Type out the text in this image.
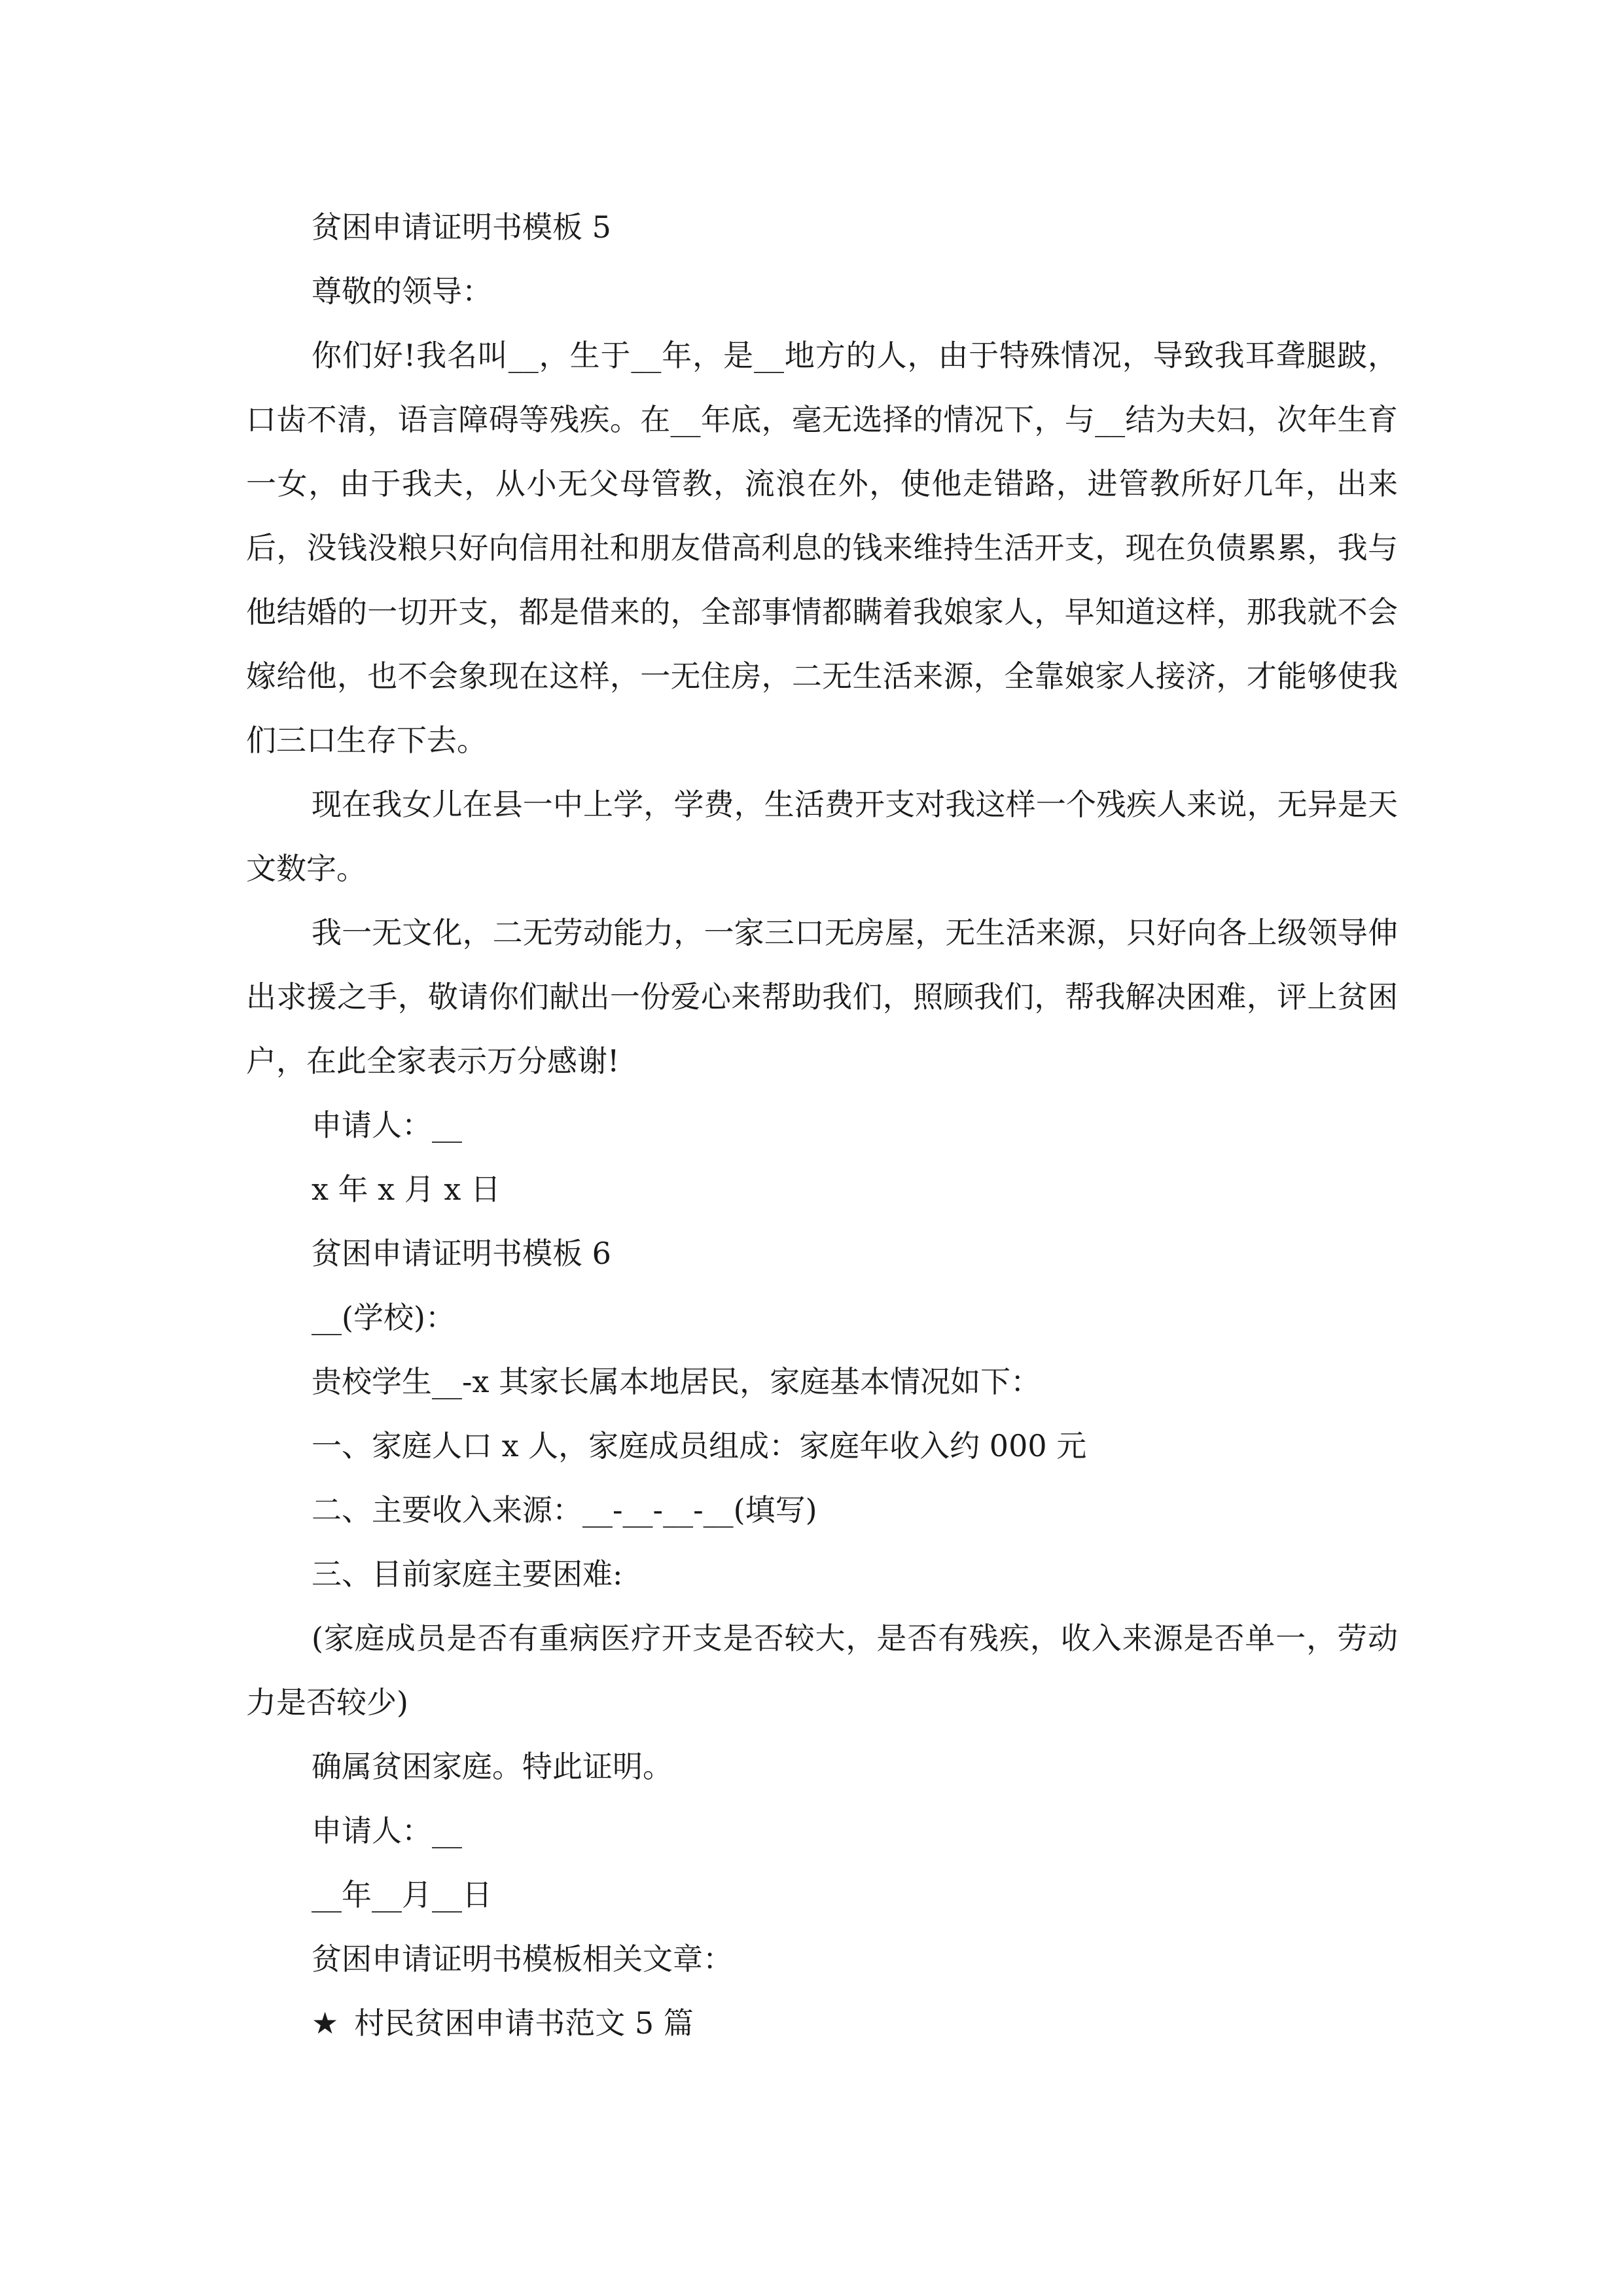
贫困申请证明书模板 5

尊敬的领导：

你们好!我名叫__，生于__年，是__地方的人，由于特殊情况，导致我耳聋腿跛，口齿不清，语言障碍等残疾。在__年底，毫无选择的情况下，与__结为夫妇，次年生育一女，由于我夫，从小无父母管教，流浪在外，使他走错路，进管教所好几年，出来后，没钱没粮只好向信用社和朋友借高利息的钱来维持生活开支，现在负债累累，我与他结婚的一切开支，都是借来的，全部事情都瞒着我娘家人，早知道这样，那我就不会嫁给他，也不会象现在这样，一无住房，二无生活来源，全靠娘家人接济，才能够使我们三口生存下去。

现在我女儿在县一中上学，学费，生活费开支对我这样一个残疾人来说，无异是天文数字。

我一无文化，二无劳动能力，一家三口无房屋，无生活来源，只好向各上级领导伸出求援之手，敬请你们献出一份爱心来帮助我们，照顾我们，帮我解决困难，评上贫困户，在此全家表示万分感谢!

申请人：__

x 年 x 月 x 日

贫困申请证明书模板 6

__(学校)：

贵校学生__-x 其家长属本地居民，家庭基本情况如下：

一、家庭人口 x 人，家庭成员组成：家庭年收入约 000 元

二、主要收入来源：__-__-__-__(填写)

三、目前家庭主要困难:

(家庭成员是否有重病医疗开支是否较大，是否有残疾，收入来源是否单一，劳动力是否较少)

确属贫困家庭。特此证明。

申请人：__

__年__月__日

贫困申请证明书模板相关文章：

★ 村民贫困申请书范文 5 篇
